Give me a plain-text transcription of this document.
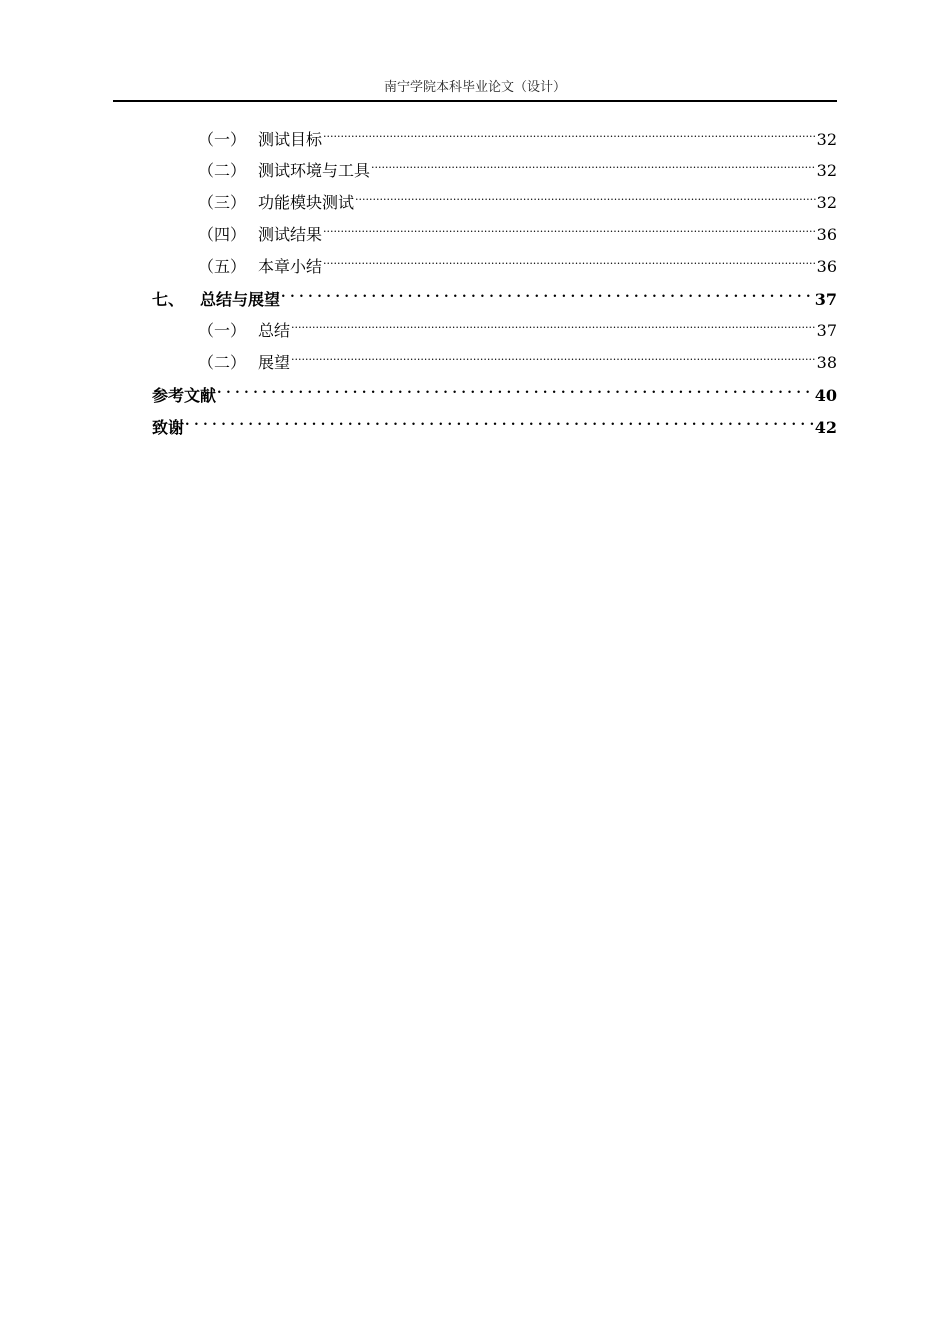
南宁学院本科毕业论文（设计）
（一） 测试目标 .....	32
（二） 测试环境与工具 .....	32
（三） 功能模块测试 .....	32
（四） 测试结果 .....	36
（五） 本章小结 .....	36
七、 总结与展望 . . .	37
（一） 总结 .....	37
（二） 展望 .....	38
参考文献 . . .	40
致谢 . . .	42
